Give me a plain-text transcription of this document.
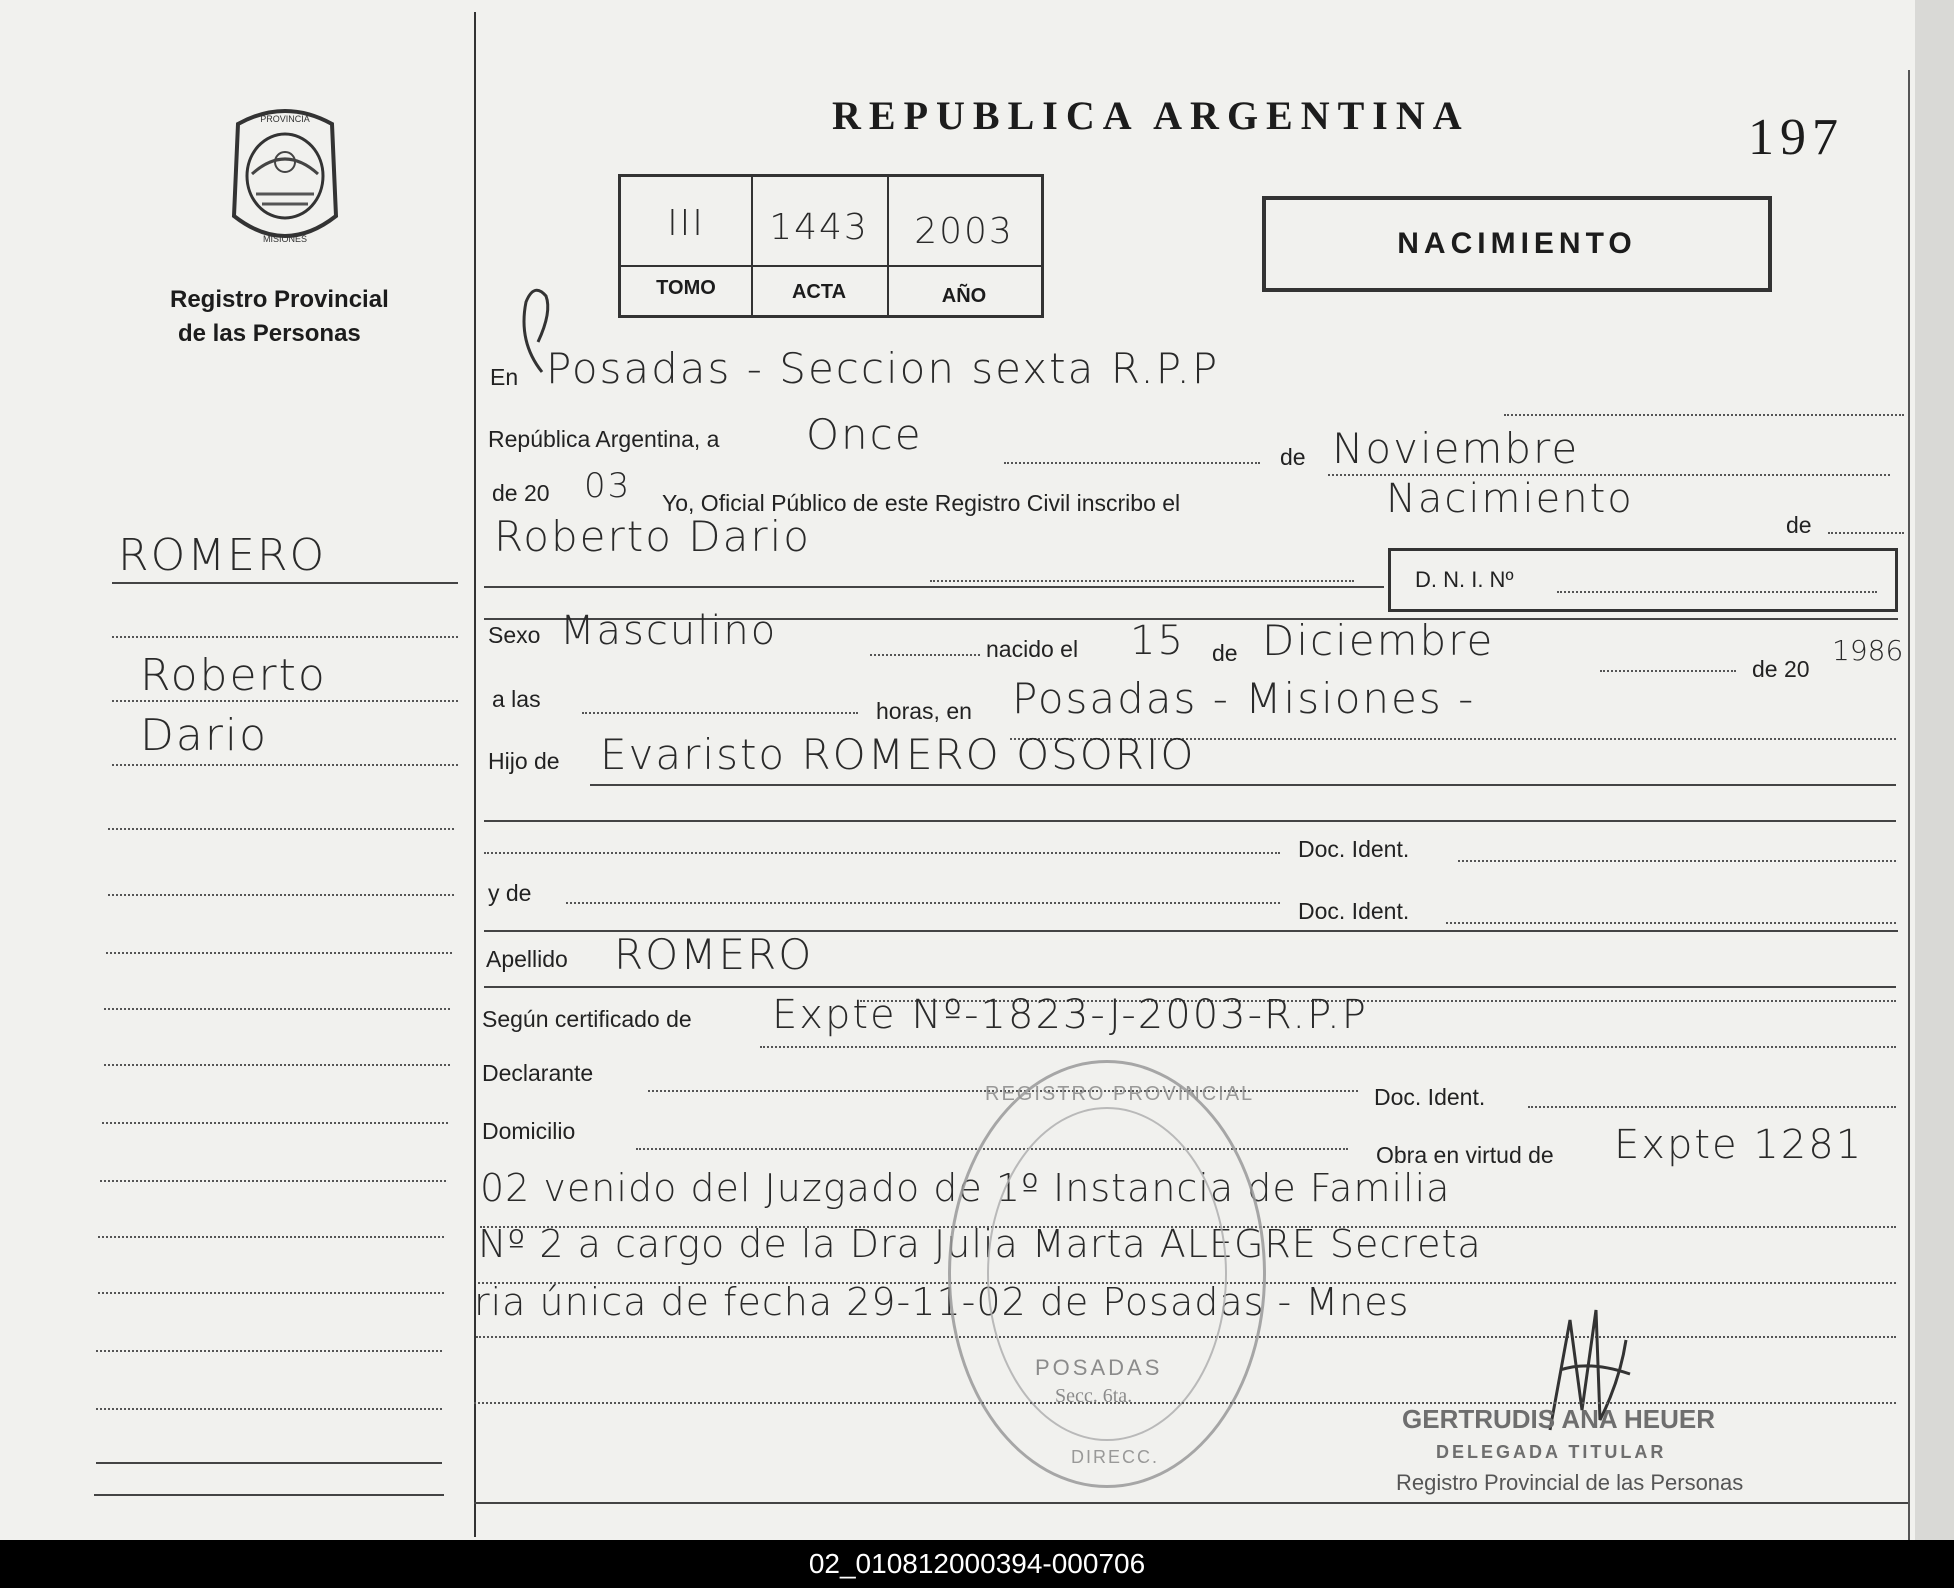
PROVINCIA
MISIONES
Registro Provincial
de las Personas
ROMERO
Roberto
Dario
REPUBLICA ARGENTINA	197
III	1443	2003
TOMO	ACTA	AÑO
NACIMIENTO
En Posadas - Seccion sexta R.P.P
República Argentina, a Once	de Noviembre
de 20 03 Yo, Oficial Público de este Registro Civil inscribo el	Nacimiento
de
Roberto Dario
D. N. I. Nº
Sexo Masculino	nacido el 15 de Diciembre
de 20
1986
a las	horas, en Posadas - Misiones -
Hijo de Evaristo ROMERO OSORIO
Doc. Ident.
y de
Doc. Ident.
Apellido ROMERO
Según certificado de Expte Nº-1823-J-2003-R.P.P
Declarante
Doc. Ident.
Domicilio
Obra en virtud de Expte 1281
02 venido del Juzgado de 1º Instancia de Familia
Nº 2 a cargo de la Dra Julia Marta ALEGRE Secreta
ria única de fecha 29-11-02 de Posadas - Mnes
REGISTRO PROVINCIAL
POSADAS
Secc. 6ta.
DIRECC.
GERTRUDIS ANA HEUER
DELEGADA TITULAR
Registro Provincial de las Personas
02_010812000394-000706
